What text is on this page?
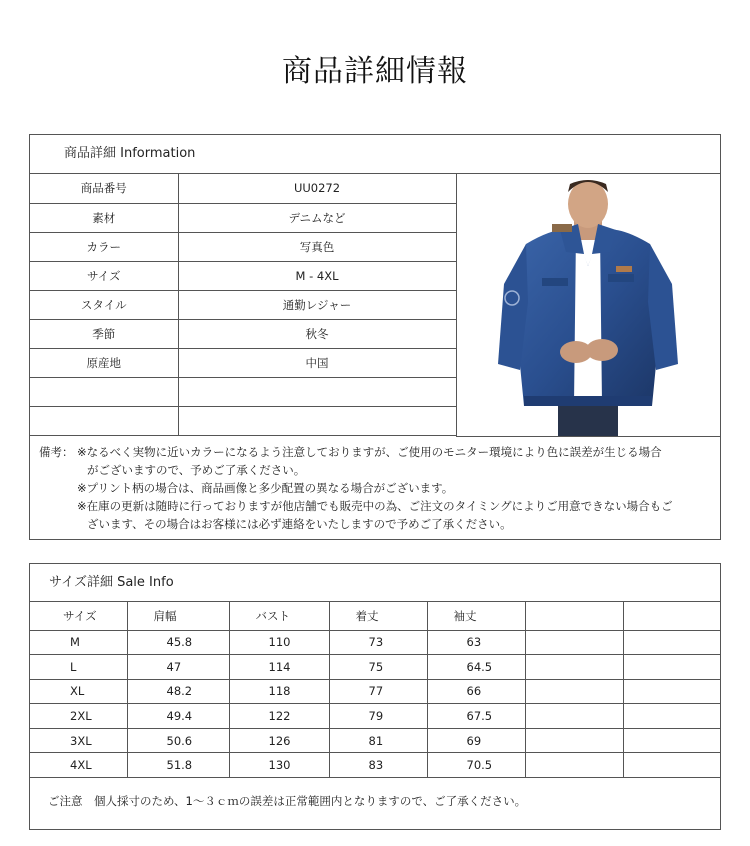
商品詳細情報
商品詳細 Information
商品番号	UU0272
素材	デニムなど
カラー	写真色
サイズ	M - 4XL
スタイル	通勤レジャー
季節	秋冬
原産地	中国

備考： ※なるべく実物に近いカラーになるよう注意しておりますが、ご使用のモニター環境により色に誤差が生じる場合
がございますので、予めご了承ください。
※プリント柄の場合は、商品画像と多少配置の異なる場合がございます。
※在庫の更新は随時に行っておりますが他店舗でも販売中の為、ご注文のタイミングによりご用意できない場合もご
ざいます、その場合はお客様には必ず連絡をいたしますので予めご了承ください。
サイズ詳細 Sale Info
サイズ	肩幅	バスト	着丈	袖丈		
M	45.8	110	73	63		
L	47	114	75	64.5		
XL	48.2	118	77	66		
2XL	49.4	122	79	67.5		
3XL	50.6	126	81	69		
4XL	51.8	130	83	70.5		
ご注意　個人採寸のため、1～３ｃｍの誤差は正常範囲内となりますので、ご了承ください。
